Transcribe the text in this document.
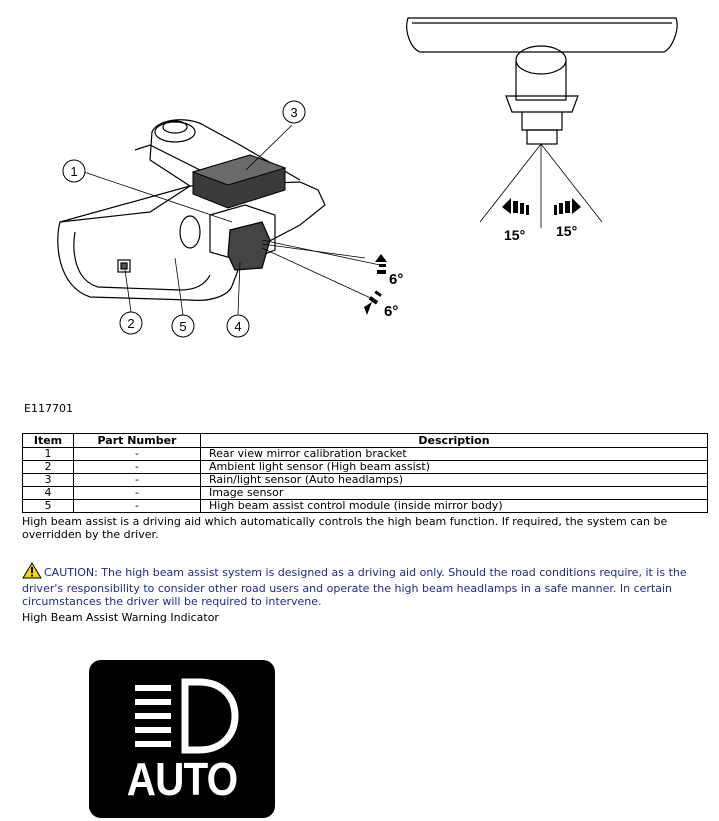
1
3
2	5	4
6°
6°
15° 15°
E117701
Item	Part Number	Description
1	-	Rear view mirror calibration bracket
2	-	Ambient light sensor (High beam assist)
3	-	Rain/light sensor (Auto headlamps)
4	-	Image sensor
5	-	High beam assist control module (inside mirror body)
High beam assist is a driving aid which automatically controls the high beam function. If required, the system can be overridden by the driver.
CAUTION: The high beam assist system is designed as a driving aid only. Should the road conditions require, it is the driver's responsibility to consider other road users and operate the high beam headlamps in a safe manner. In certain circumstances the driver will be required to intervene.
High Beam Assist Warning Indicator
AUTO
